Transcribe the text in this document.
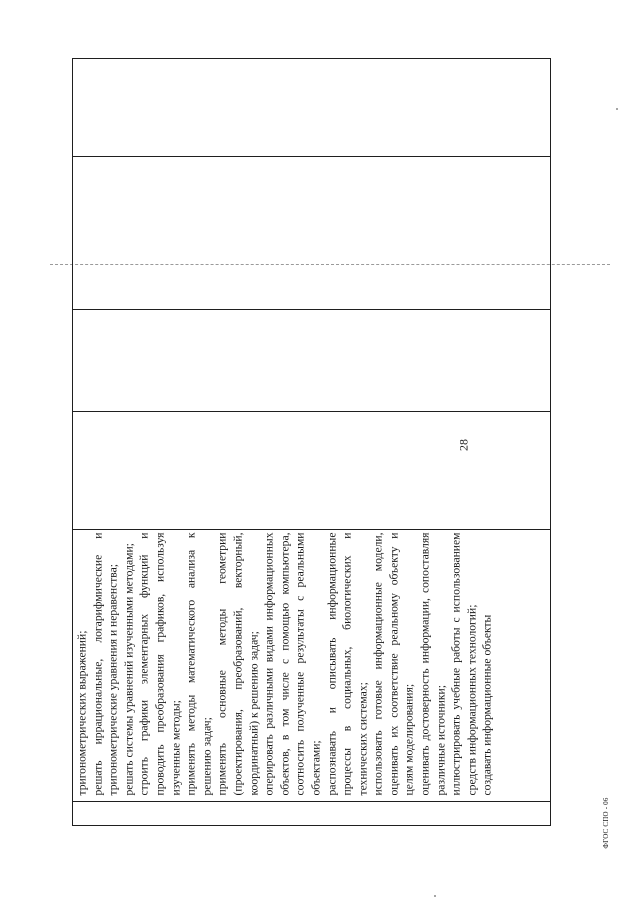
28
ФГОС СПО - 06
тригонометрических выражений; решать иррациональные, логарифмические и тригонометрические уравнения и неравенства; решать системы уравнений изученными методами; строить графики элементарных функций и проводить преобразования графиков, используя изученные методы; применять методы математического анализа к решению задач; применять основные методы геометрии (проектирования, преобразований, векторный, координатный) к решению задач; оперировать различными видами информационных объектов, в том числе с помощью компьютера, соотносить полученные результаты с реальными объектами; распознавать и описывать информационные процессы в социальных, биологических и технических системах; использовать готовые информационные модели, оценивать их соответствие реальному объекту и целям моделирования; оценивать достоверность информации, сопоставляя различные источники; иллюстрировать учебные работы с использованием средств информационных технологий; создавать информационные объекты
